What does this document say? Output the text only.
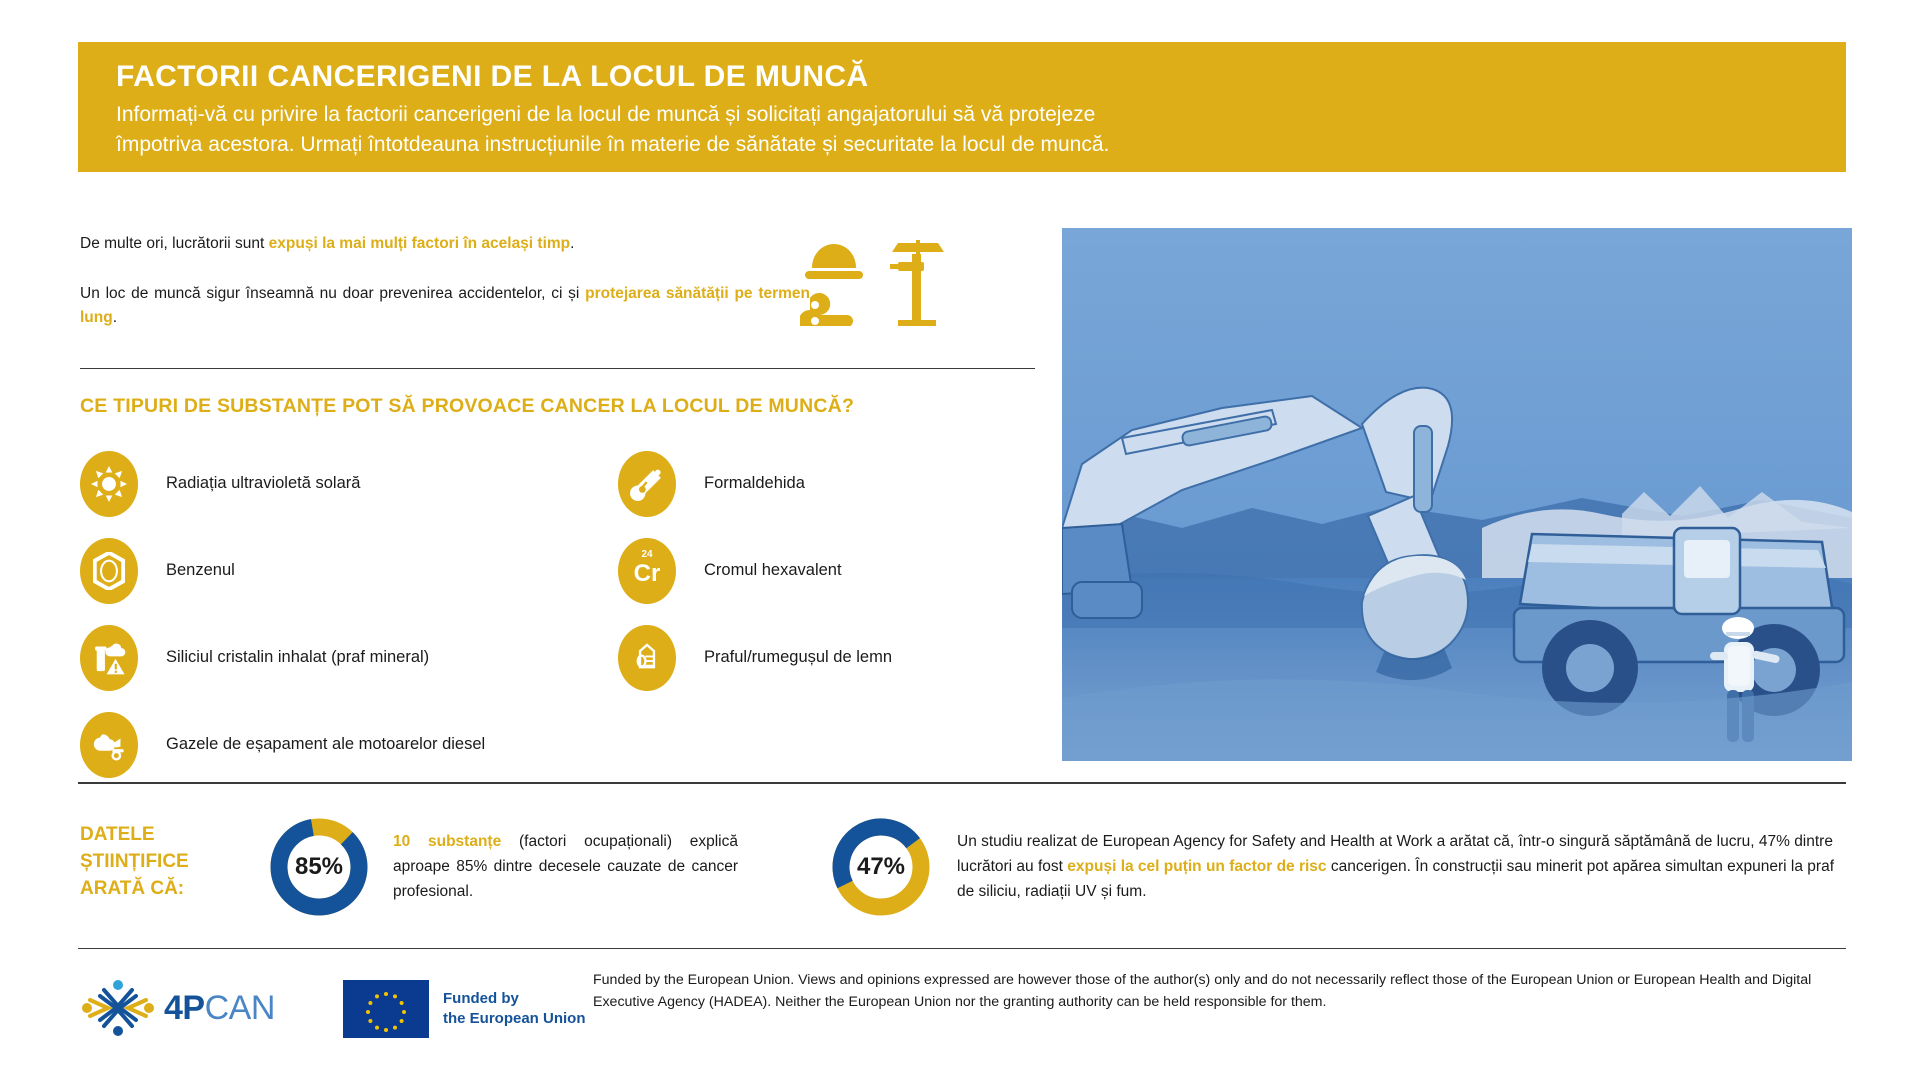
FACTORII CANCERIGENI DE LA LOCUL DE MUNCĂ
Informați-vă cu privire la factorii cancerigeni de la locul de muncă și solicitați angajatorului să vă protejeze
împotriva acestora. Urmați întotdeauna instrucțiunile în materie de sănătate și securitate la locul de muncă.

De multe ori, lucrătorii sunt expuși la mai mulți factori în același timp.

Un loc de muncă sigur înseamnă nu doar prevenirea accidentelor, ci și protejarea sănătății pe termen lung.

CE TIPURI DE SUBSTANȚE POT SĂ PROVOACE CANCER LA LOCUL DE MUNCĂ?
Radiația ultravioletă solară
Benzenul
Siliciul cristalin inhalat (praf mineral)
Gazele de eșapament ale motoarelor diesel
Formaldehida
24
Cr	Cromul hexavalent
Praful/rumegușul de lemn
DATELE
ȘTIINȚIFICE
ARATĂ CĂ:
85%
10 substanțe (factori ocupaționali) explică aproape 85% dintre decesele cauzate de cancer profesional.
47%
Un studiu realizat de European Agency for Safety and Health at Work a arătat că, într-o singură săptămână de lucru, 47% dintre lucrători au fost expuși la cel puțin un factor de risc cancerigen. În construcții sau minerit pot apărea simultan expuneri la praf de siliciu, radiații UV și fum.
4PCAN	Funded by
the European Union
Funded by the European Union. Views and opinions expressed are however those of the author(s) only and do not necessarily reflect those of the European Union or European Health and Digital Executive Agency (HADEA). Neither the European Union nor the granting authority can be held responsible for them.
